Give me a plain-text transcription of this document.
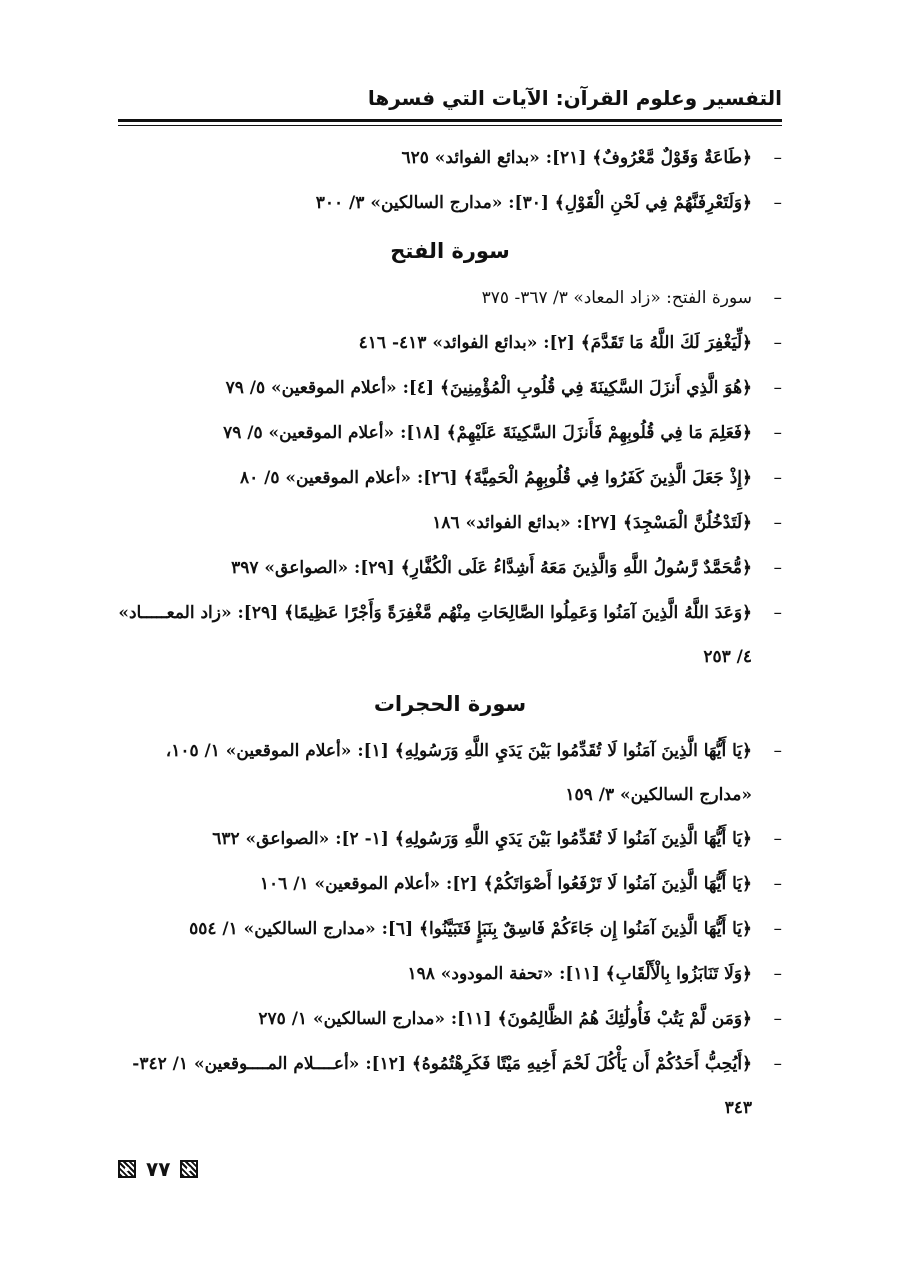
التفسير وعلوم القرآن: الآيات التي فسرها
–
﴿طَاعَةٌ وَقَوْلٌ مَّعْرُوفٌ﴾ [٢١]: «بدائع الفوائد» ٦٢٥
–
﴿وَلَتَعْرِفَنَّهُمْ فِي لَحْنِ الْقَوْلِ﴾ [٣٠]: «مدارج السالكين» ٣/ ٣٠٠
سورة الفتح
–
سورة الفتح: «زاد المعاد» ٣/ ٣٦٧- ٣٧٥
–
﴿لِّيَغْفِرَ لَكَ اللَّهُ مَا تَقَدَّمَ﴾ [٢]: «بدائع الفوائد» ٤١٣- ٤١٦
–
﴿هُوَ الَّذِي أَنزَلَ السَّكِينَةَ فِي قُلُوبِ الْمُؤْمِنِينَ﴾ [٤]: «أعلام الموقعين» ٥/ ٧٩
–
﴿فَعَلِمَ مَا فِي قُلُوبِهِمْ فَأَنزَلَ السَّكِينَةَ عَلَيْهِمْ﴾ [١٨]: «أعلام الموقعين» ٥/ ٧٩
–
﴿إِذْ جَعَلَ الَّذِينَ كَفَرُوا فِي قُلُوبِهِمُ الْحَمِيَّةَ﴾ [٢٦]: «أعلام الموقعين» ٥/ ٨٠
–
﴿لَتَدْخُلُنَّ الْمَسْجِدَ﴾ [٢٧]: «بدائع الفوائد» ١٨٦
–
﴿مُّحَمَّدٌ رَّسُولُ اللَّهِ وَالَّذِينَ مَعَهُ أَشِدَّاءُ عَلَى الْكُفَّارِ﴾ [٢٩]: «الصواعق» ٣٩٧
–
﴿وَعَدَ اللَّهُ الَّذِينَ آمَنُوا وَعَمِلُوا الصَّالِحَاتِ مِنْهُم مَّغْفِرَةً وَأَجْرًا عَظِيمًا﴾ [٢٩]: «زاد المعـــــاد» ٤/ ٢٥٣
سورة الحجرات
–
﴿يَا أَيُّهَا الَّذِينَ آمَنُوا لَا تُقَدِّمُوا بَيْنَ يَدَيِ اللَّهِ وَرَسُولِهِ﴾ [١]: «أعلام الموقعين» ١/ ١٠٥، «مدارج السالكين» ٣/ ١٥٩
–
﴿يَا أَيُّهَا الَّذِينَ آمَنُوا لَا تُقَدِّمُوا بَيْنَ يَدَيِ اللَّهِ وَرَسُولِهِ﴾ [١- ٢]: «الصواعق» ٦٣٢
–
﴿يَا أَيُّهَا الَّذِينَ آمَنُوا لَا تَرْفَعُوا أَصْوَاتَكُمْ﴾ [٢]: «أعلام الموقعين» ١/ ١٠٦
–
﴿يَا أَيُّهَا الَّذِينَ آمَنُوا إِن جَاءَكُمْ فَاسِقٌ بِنَبَإٍ فَتَبَيَّنُوا﴾ [٦]: «مدارج السالكين» ١/ ٥٥٤
–
﴿وَلَا تَنَابَزُوا بِالْأَلْقَابِ﴾ [١١]: «تحفة المودود» ١٩٨
–
﴿وَمَن لَّمْ يَتُبْ فَأُولَٰئِكَ هُمُ الظَّالِمُونَ﴾ [١١]: «مدارج السالكين» ١/ ٢٧٥
–
﴿أَيُحِبُّ أَحَدُكُمْ أَن يَأْكُلَ لَحْمَ أَخِيهِ مَيْتًا فَكَرِهْتُمُوهُ﴾ [١٢]: «أعــــلام المــــوقعين» ١/ ٣٤٢- ٣٤٣
٧٧
